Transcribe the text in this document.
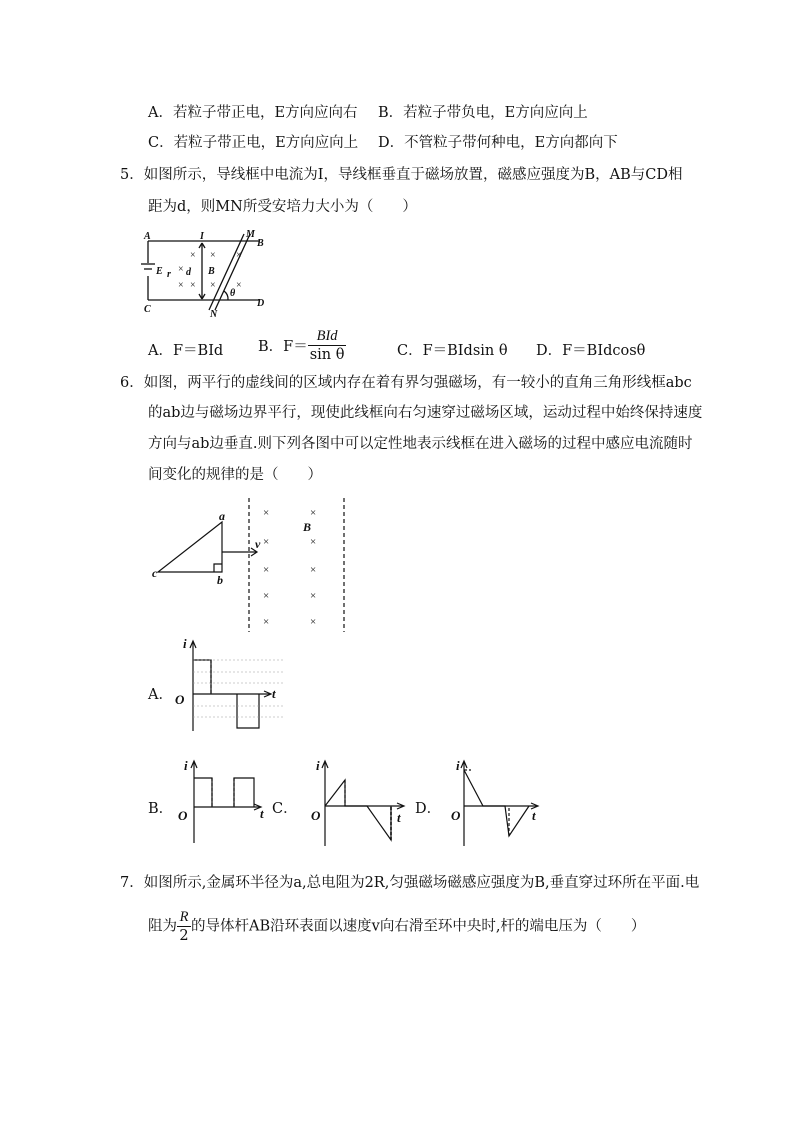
A．若粒子带正电，E方向应向右 B．若粒子带负电，E方向应向上
C．若粒子带正电，E方向应向上 D．不管粒子带何种电，E方向都向下
5．如图所示，导线框中电流为I，导线框垂直于磁场放置，磁感应强度为B，AB与CD相
距为d，则MN所受安培力大小为（　　）
×
×
× × ×
× × ×
A
B
C
D
M
N
I
E r d B
θ
A．F＝BId B．$F= \frac{\text{BId}}{\text{sin θ}}$	C．F＝BIdsin θ D．F＝BIdcosθ
6．如图，两平行的虚线间的区域内存在着有界匀强磁场，有一较小的直角三角形线框abc
的ab边与磁场边界平行，现使此线框向右匀速穿过磁场区域，运动过程中始终保持速度
方向与ab边垂直.则下列各图中可以定性地表示线框在进入磁场的过程中感应电流随时
间变化的规律的是（　　）
×	×
×	×
×	×
×	×
×	×
a
b
c
v
B
A．
i
O	t
B．
i
O	t C．
i
O	t
D．
i
O	t
7．如图所示,金属环半径为a,总电阻为2R,匀强磁场磁感应强度为B,垂直穿过环所在平面.电
阻为 $\frac{R}{2}$ 的导体杆AB沿环表面以速度v向右滑至环中央时,杆的端电压为（　　）
